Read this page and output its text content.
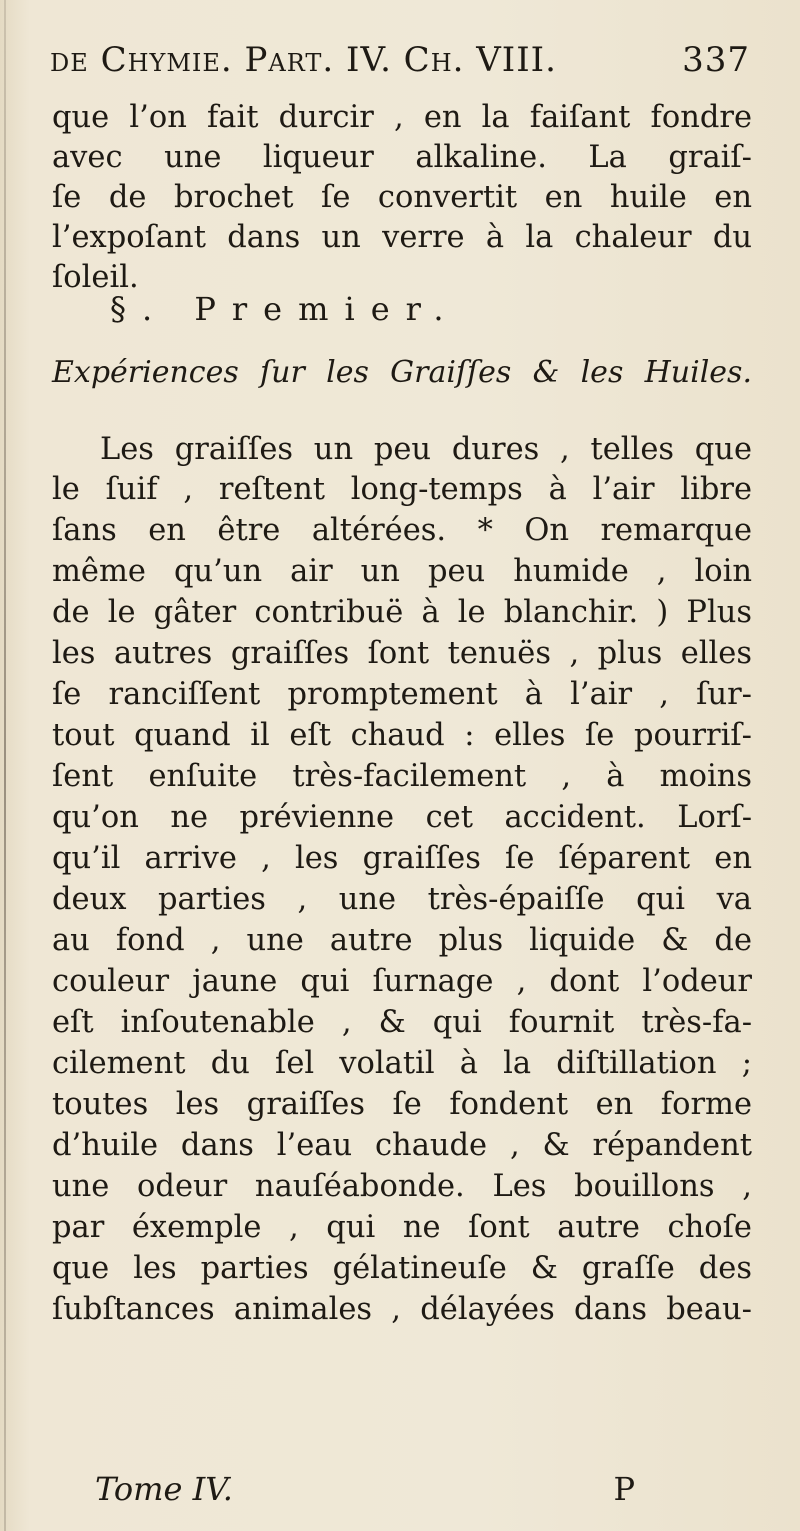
de Chymie. Part. IV. Ch. VIII.	337
que l’on fait durcir , en la faiſant fondre
avec une liqueur alkaline. La graiſ-
ſe de brochet ſe convertit en huile en
l’expoſant dans un verre à la chaleur du
ſoleil.
§. Premier.
Expériences ſur les Graiſſes & les Huiles.
Les graiſſes un peu dures , telles que
le ſuif , reſtent long-temps à l’air libre
ſans en être altérées. * On remarque
même qu’un air un peu humide , loin
de le gâter contribuë à le blanchir. ) Plus
les autres graiſſes ſont tenuës , plus elles
ſe ranciſſent promptement à l’air , ſur-
tout quand il eſt chaud : elles ſe pourriſ-
ſent enſuite très-facilement , à moins
qu’on ne prévienne cet accident. Lorſ-
qu’il arrive , les graiſſes ſe ſéparent en
deux parties , une très-épaiſſe qui va
au fond , une autre plus liquide & de
couleur jaune qui ſurnage , dont l’odeur
eſt inſoutenable , & qui fournit très-fa-
cilement du ſel volatil à la diſtillation ;
toutes les graiſſes ſe fondent en forme
d’huile dans l’eau chaude , & répandent
une odeur nauſéabonde. Les bouillons ,
par éxemple , qui ne ſont autre choſe
que les parties gélatineuſe & graſſe des
ſubſtances animales , délayées dans beau-
Tome IV.	P
